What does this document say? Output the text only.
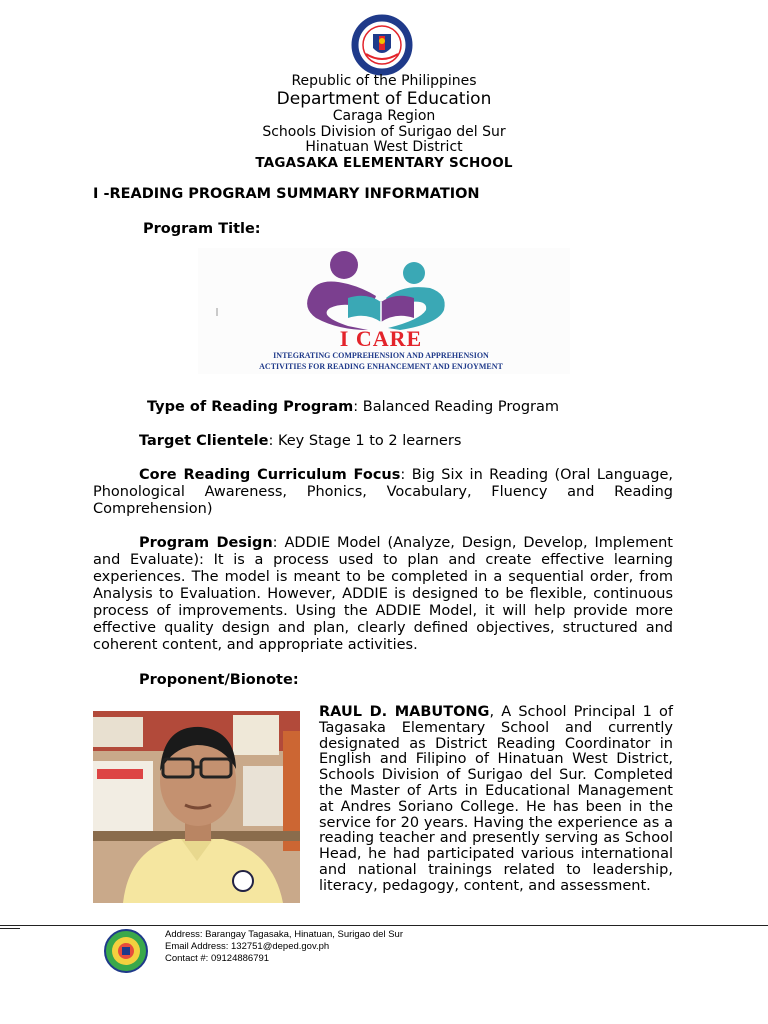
Republic of the Philippines
Department of Education
Caraga Region
Schools Division of Surigao del Sur
Hinatuan West District
TAGASAKA ELEMENTARY SCHOOL
I -READING PROGRAM SUMMARY INFORMATION
Program Title:
I CARE
INTEGRATING COMPREHENSION AND APPREHENSION
ACTIVITIES FOR READING ENHANCEMENT AND ENJOYMENT
Type of Reading Program: Balanced Reading Program
Target Clientele: Key Stage 1 to 2 learners
Core Reading Curriculum Focus: Big Six in Reading (Oral Language, Phonological Awareness, Phonics, Vocabulary, Fluency and Reading Comprehension)
Program Design: ADDIE Model (Analyze, Design, Develop, Implement and Evaluate): It is a process used to plan and create effective learning experiences. The model is meant to be completed in a sequential order, from Analysis to Evaluation. However, ADDIE is designed to be flexible, continuous process of improvements. Using the ADDIE Model, it will help provide more effective quality design and plan, clearly defined objectives, structured and coherent content, and appropriate activities.
Proponent/Bionote:
RAUL D. MABUTONG, A School Principal 1 of Tagasaka Elementary School and currently designated as District Reading Coordinator in English and Filipino of Hinatuan West District, Schools Division of Surigao del Sur. Completed the Master of Arts in Educational Management at Andres Soriano College. He has been in the service for 20 years. Having the experience as a reading teacher and presently serving as School Head, he had participated various international and national trainings related to leadership, literacy, pedagogy, content, and assessment.
Address: Barangay Tagasaka, Hinatuan, Surigao del Sur
Email Address: 132751@deped.gov.ph
Contact #: 09124886791
